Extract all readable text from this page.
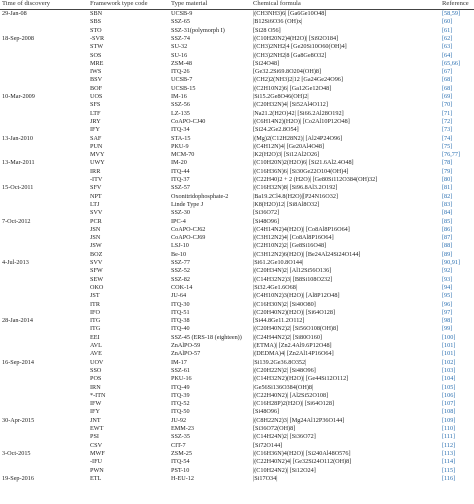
Time of discovery	Framework type code	Type material	Chemical formula	Reference
29-Jan-08	SBN	UCSB-9	|(CH3NH3)6| [Ga6Ge10O48]	[58,59]
SBS	SSZ-65	|B12Si6O36 (OH)x|	[60]
STO	SSZ-31(polymorph I)	[Si28 O56]	[61]
18-Sep-2008	-SVR	SSZ-74	|(C10H20N2)4(H2O)| [Si92O184]	[62]
STW	SU-32	|(CH3)2NH2|4 [Ge20Si10O60(OH)4]	[63]
SOS	SU-16	|(CH3)2NH2|8 [Ga8Ge8O32]	[64]
MRE	ZSM-48	[Si24O48]	[65,66]
IWS	ITQ-26	[Ge32.2Si69.8O204(OH)8]	[67]
BSV	UCSB-7	|(CH2)2(NH3)2|12 [Ga24Ge24O96]	[68]
BOF	UCSB-15	|(C2H10N2)6| [Ga12Ge12O48]	[68]
10-Mar-2009	UOS	IM-16	|Si15.2Ge8O46(OH)2|	[69]
SFS	SSZ-56	|(C20H32N)4| [Si52Al4O112]	[70]
LTF	LZ-135	|Na21.2(H2O)42| [Si66.2Al28O192]	[71]
JRY	CoAPO-CJ40	|(C6H14N2)(H2O)| [Co2Al10P12O48]	[72]
IFY	ITQ-34	[Si24.2Ge2.8O54]	[73]
13-Jan-2010	SAF	STA-15	|(Mg)2(C12H28N2)| [Al24P24O96]	[74]
PUN	PKU-9	|(C4H12N)4| [Ge20Al4O48]	[75]
MVY	MCM-70	|K2(H2O)3| [Si12Al2O26]	[76,77]
13-Mar-2011	UWY	IM-20	|(C10H20N)2(H2O)6| [Si21.6Al2.4O48]	[78]
IRR	ITQ-44	|(C16H36N)6| [Si30Ge22O104(OH)4]	[79]
-ITV	ITQ-37	|(C22H40)2 + 2 (H2O)| [Ge80Si112O384(OH)32]	[80]
15-Oct-2011	SFV	SSZ-57	|(C16H32N)8| [Si96.8Al3.2O192]	[81]
NPT	Oxonitridophosphate-2	|Ba19.2Cl4.8(H2O)|[P24N16O32]	[82]
LTJ	Linde Type J	|K8(H2O)12| [Si8Al8O32]	[83]
SVV	SSZ-30	[Si36O72]	[84]
7-Oct-2012	PCR	IPC-4	[Si48O96]	[85]
JSN	CoAPO-CJ62	|(C4H14N2)4(H2O)| [Co8Al8P16O64]	[86]
JSN	CoAPO-CJ69	|(C3H12N2)4| [Co8Al8P16O64]	[87]
JSW	LSJ-10	|(C2H10N2)2| [Ge8Si16O48]	[88]
BOZ	Be-10	|(C3H12N2)6(H2O)| [Be24Al24Si24O144]	[89]
4-Jul-2013	SVV	SSZ-77	|Si61.2Ge10.8O144|	[90,91]
SFW	SSZ-52	|(C20H34N)2| [Al12Si56O136]	[92]
SEW	SSZ-82	|(C14H32N2)3| [B8Si108O232]	[93]
OKO	COK-14	|Si32.4Ge1.6O68|	[94]
JST	JU-64	|(C4H10N2)3(H2O)| [Al8P12O48]	[95]
ITR	ITQ-30	|(C16H30N)2| [Si40O80]	[96]
IFO	ITQ-51	|(C20H40N2)(H2O)| [Si64O128]	[97]
28-Jan-2014	ITG	ITQ-38	[Si44.8Ge11.2O112]	[98]
ITG	ITQ-40	|(C20H40N2)2| [Si56O108(OH)8]	[99]
EEI	SSZ-45 (ERS-18 (eighteen))	|(C24H44N2)2| [Si80O160]	[100]
AVL	ZnAlPO-59	|(ETMA)| [Zn2.4Al9.6P12O48]	[101]
AVE	ZnAlPO-57	|(DEDMA)4| [Zn2Al14P16O64]	[101]
16-Sep-2014	UOV	IM-17	|Si139.2Ge36.8O352|	[102]
SSO	SSZ-61	|(C20H22N)2| [Si48O96]	[103]
POS	PKU-16	|(C14H32N2)(H2O)| [Ge44Si12O112]	[104]
IRN	ITQ-49	|Ge56Si136O384(OH)8|	[105]
*-ITN	ITQ-39	|(C22H40N2)| [Al2Si52O108]	[106]
IFW	ITQ-52	|(C16H28P)2(H2O)| [Si64O128]	[107]
IFY	ITQ-50	[Si48O96]	[108]
30-Apr-2015	JNT	JU-92	|(C8H22N2)3| [Mg24Al12P36O144]	[109]
EWT	EMM-23	[Si36O72(OH)8]	[110]
PSI	SSZ-35	|(C14H24N)2| [Si36O72]	[111]
CSV	CIT-7	[Si72O144]	[112]
3-Oct-2015	MWF	ZSM-25	|(C16H36N)4(H2O)| [Si240Al48O576]	[113]
-IFU	ITQ-54	|(C22H40N2)4| [Ge32Si24O112(OH)8]	[114]
PWN	PST-10	|(C10H24N2)| [Si12O24]	[115]
19-Sep-2016	ETL	H-EU-12	|Si17O34|	[116]
